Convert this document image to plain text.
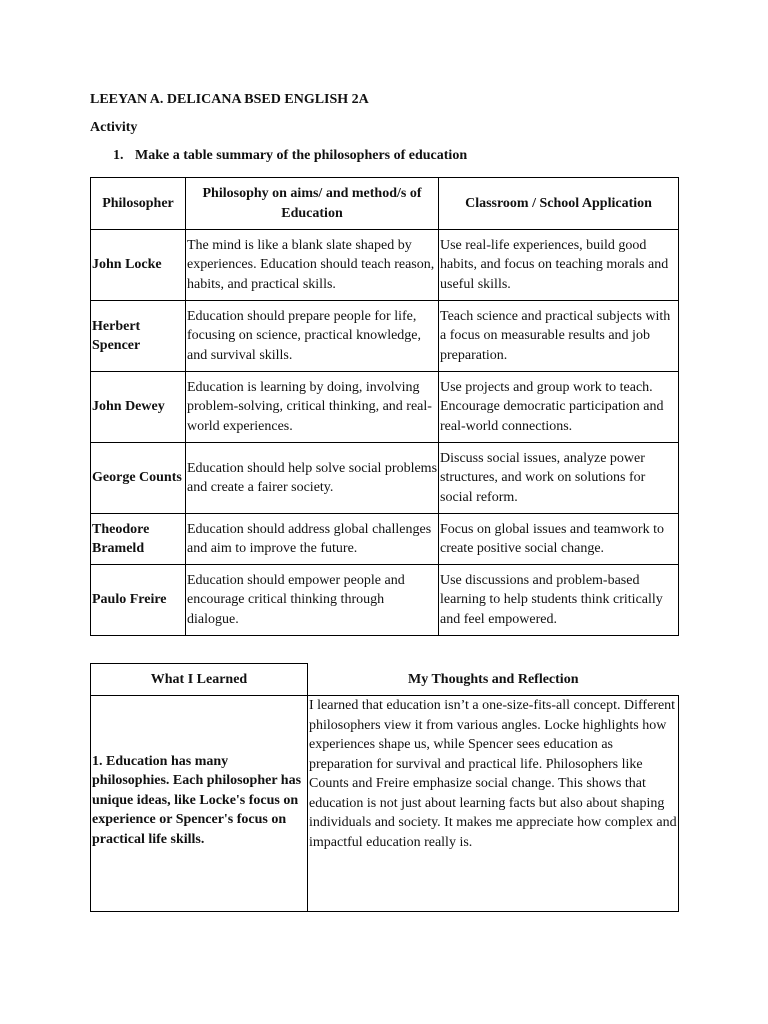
LEEYAN A. DELICANA BSED ENGLISH 2A
Activity
1. Make a table summary of the philosophers of education
Philosopher	Philosophy on aims/ and method/s of Education	Classroom / School Application
John Locke	The mind is like a blank slate shaped by experiences. Education should teach reason, habits, and practical skills.	Use real-life experiences, build good habits, and focus on teaching morals and useful skills.
Herbert Spencer	Education should prepare people for life, focusing on science, practical knowledge, and survival skills.	Teach science and practical subjects with a focus on measurable results and job preparation.
John Dewey	Education is learning by doing, involving problem-solving, critical thinking, and real-world experiences.	Use projects and group work to teach. Encourage democratic participation and real-world connections.
George Counts	Education should help solve social problems and create a fairer society.	Discuss social issues, analyze power structures, and work on solutions for social reform.
Theodore Brameld	Education should address global challenges and aim to improve the future.	Focus on global issues and teamwork to create positive social change.
Paulo Freire	Education should empower people and encourage critical thinking through dialogue.	Use discussions and problem-based learning to help students think critically and feel empowered.
What I Learned	My Thoughts and Reflection
1. Education has many philosophies. Each philosopher has unique ideas, like Locke's focus on experience or Spencer's focus on practical life skills.	I learned that education isn’t a one-size-fits-all concept. Different philosophers view it from various angles. Locke highlights how experiences shape us, while Spencer sees education as preparation for survival and practical life. Philosophers like Counts and Freire emphasize social change. This shows that education is not just about learning facts but also about shaping individuals and society. It makes me appreciate how complex and impactful education really is.
